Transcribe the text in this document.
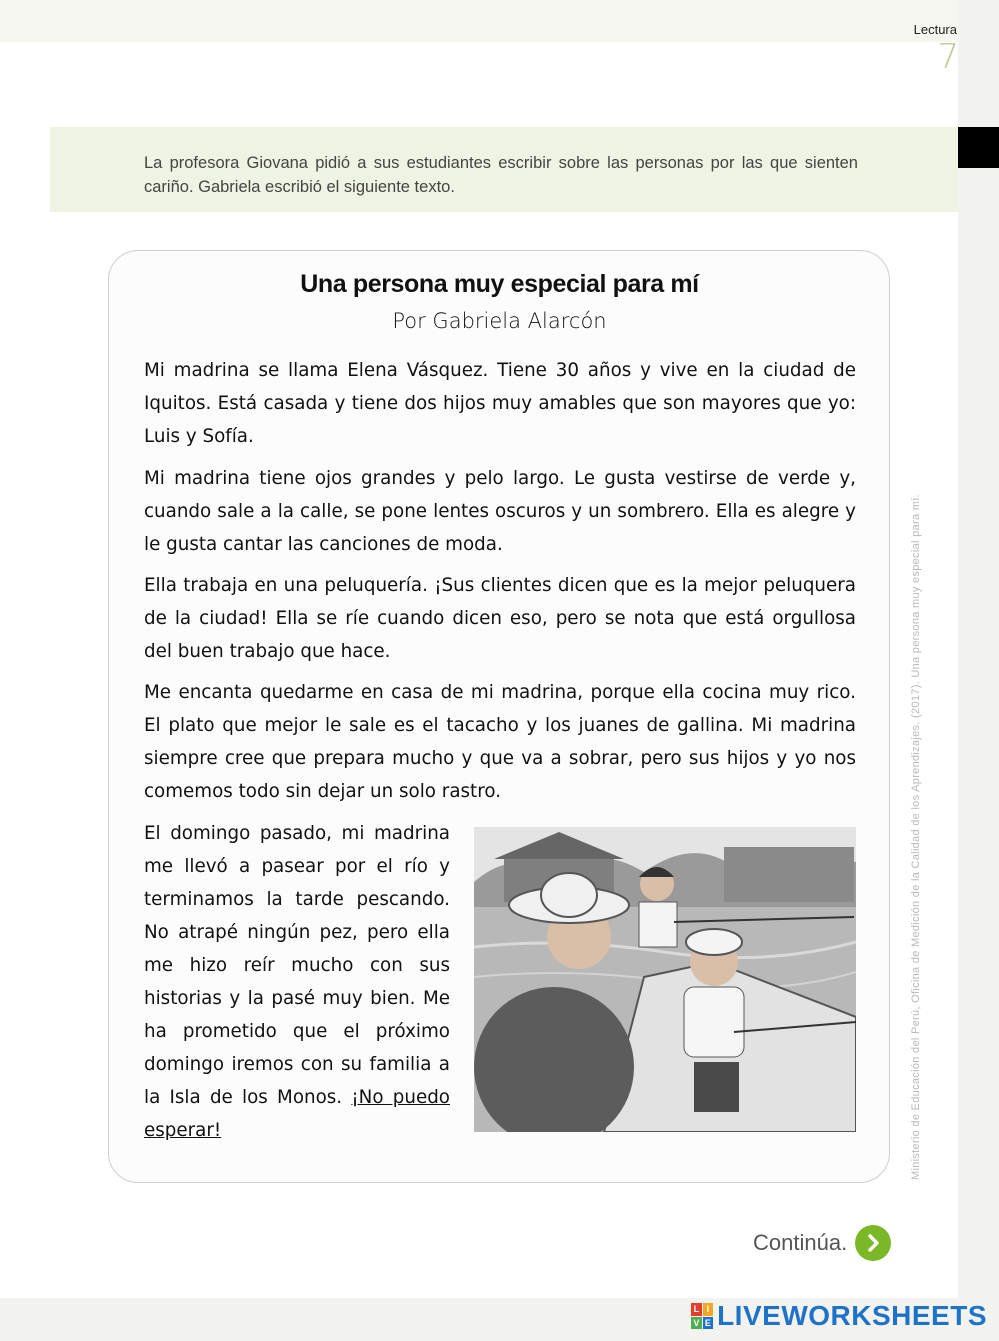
Lectura
7

La profesora Giovana pidió a sus estudiantes escribir sobre las personas por las que sienten cariño. Gabriela escribió el siguiente texto.

Una persona muy especial para mí
Por Gabriela Alarcón

Mi madrina se llama Elena Vásquez. Tiene 30 años y vive en la ciudad de Iquitos. Está casada y tiene dos hijos muy amables que son mayores que yo: Luis y Sofía.

Mi madrina tiene ojos grandes y pelo largo. Le gusta vestirse de verde y, cuando sale a la calle, se pone lentes oscuros y un sombrero. Ella es alegre y le gusta cantar las canciones de moda.

Ella trabaja en una peluquería. ¡Sus clientes dicen que es la mejor peluquera de la ciudad! Ella se ríe cuando dicen eso, pero se nota que está orgullosa del buen trabajo que hace.

Me encanta quedarme en casa de mi madrina, porque ella cocina muy rico. El plato que mejor le sale es el tacacho y los juanes de gallina. Mi madrina siempre cree que prepara mucho y que va a sobrar, pero sus hijos y yo nos comemos todo sin dejar un solo rastro.

El domingo pasado, mi madrina me llevó a pasear por el río y terminamos la tarde pescando. No atrapé ningún pez, pero ella me hizo reír mucho con sus historias y la pasé muy bien. Me ha prometido que el próximo domingo iremos con su familia a la Isla de los Monos. ¡No puedo esperar!	Ministerio de Educación del Perú, Oficina de Medición de la Calidad de los Aprendizajes. (2017). Una persona muy especial para mí.
Continúa.
L I
V E LIVEWORKSHEETS
